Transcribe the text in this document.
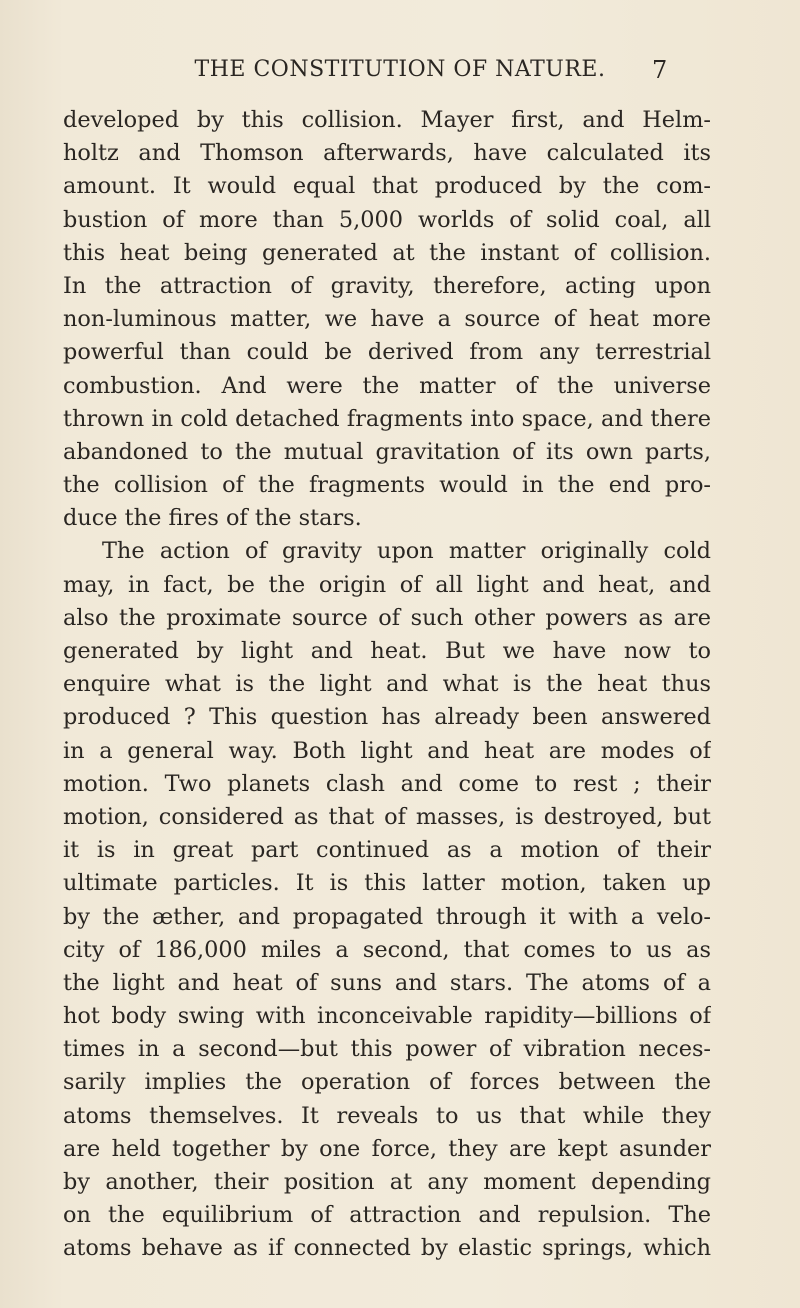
THE CONSTITUTION OF NATURE.	7
developed by this collision. Mayer first, and Helm-
holtz and Thomson afterwards, have calculated its
amount. It would equal that produced by the com-
bustion of more than 5,000 worlds of solid coal, all
this heat being generated at the instant of collision.
In the attraction of gravity, therefore, acting upon
non-luminous matter, we have a source of heat more
powerful than could be derived from any terrestrial
combustion. And were the matter of the universe
thrown in cold detached fragments into space, and there
abandoned to the mutual gravitation of its own parts,
the collision of the fragments would in the end pro-
duce the fires of the stars.
The action of gravity upon matter originally cold
may, in fact, be the origin of all light and heat, and
also the proximate source of such other powers as are
generated by light and heat. But we have now to
enquire what is the light and what is the heat thus
produced ? This question has already been answered
in a general way. Both light and heat are modes of
motion. Two planets clash and come to rest ; their
motion, considered as that of masses, is destroyed, but
it is in great part continued as a motion of their
ultimate particles. It is this latter motion, taken up
by the æther, and propagated through it with a velo-
city of 186,000 miles a second, that comes to us as
the light and heat of suns and stars. The atoms of a
hot body swing with inconceivable rapidity—billions of
times in a second—but this power of vibration neces-
sarily implies the operation of forces between the
atoms themselves. It reveals to us that while they
are held together by one force, they are kept asunder
by another, their position at any moment depending
on the equilibrium of attraction and repulsion. The
atoms behave as if connected by elastic springs, which
